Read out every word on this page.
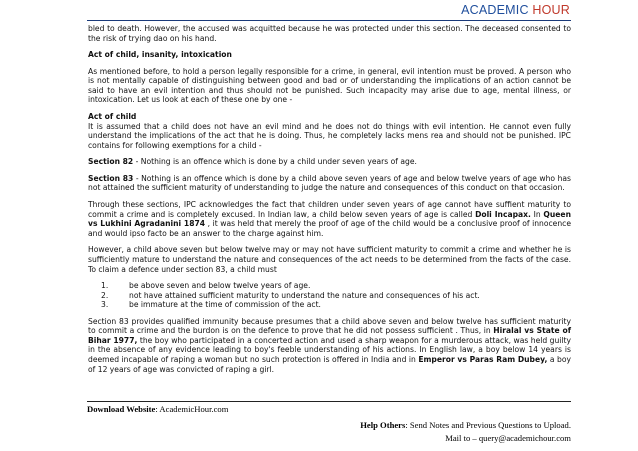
ACADEMIC HOUR

bled to death. However, the accused was acquitted because he was protected under this section. The deceased consented to the risk of trying dao on his hand.

Act of child, insanity, intoxication

As mentioned before, to hold a person legally responsible for a crime, in general, evil intention must be proved. A person who is not mentally capable of distinguishing between good and bad or of understanding the implications of an action cannot be said to have an evil intention and thus should not be punished. Such incapacity may arise due to age, mental illness, or intoxication. Let us look at each of these one by one -

Act of child

It is assumed that a child does not have an evil mind and he does not do things with evil intention. He cannot even fully understand the implications of the act that he is doing. Thus, he completely lacks mens rea and should not be punished. IPC contains for following exemptions for a child -

Section 82 - Nothing is an offence which is done by a child under seven years of age.

Section 83 - Nothing is an offence which is done by a child above seven years of age and below twelve years of age who has not attained the sufficient maturity of understanding to judge the nature and consequences of this conduct on that occasion.

Through these sections, IPC acknowledges the fact that children under seven years of age cannot have suffient maturity to commit a crime and is completely excused. In Indian law, a child below seven years of age is called Doli Incapax. In Queen vs Lukhini Agradanini 1874 , it was held that merely the proof of age of the child would be a conclusive proof of innocence and would ipso facto be an answer to the charge against him.

However, a child above seven but below twelve may or may not have sufficient maturity to commit a crime and whether he is sufficiently mature to understand the nature and consequences of the act needs to be determined from the facts of the case. To claim a defence under section 83, a child must

1.	be above seven and below twelve years of age.
2.	not have attained sufficient maturity to understand the nature and consequences of his act.
3.	be immature at the time of commission of the act.

Section 83 provides qualified immunity because presumes that a child above seven and below twelve has sufficient maturity to commit a crime and the burdon is on the defence to prove that he did not possess sufficient . Thus, in Hiralal vs State of Bihar 1977, the boy who participated in a concerted action and used a sharp weapon for a murderous attack, was held guilty in the absence of any evidence leading to boy's feeble understanding of his actions. In English law, a boy below 14 years is deemed incapable of raping a woman but no such protection is offered in India and in Emperor vs Paras Ram Dubey, a boy of 12 years of age was convicted of raping a girl.

Download Website: AcademicHour.com
Help Others: Send Notes and Previous Questions to Upload.
Mail to – query@academichour.com
